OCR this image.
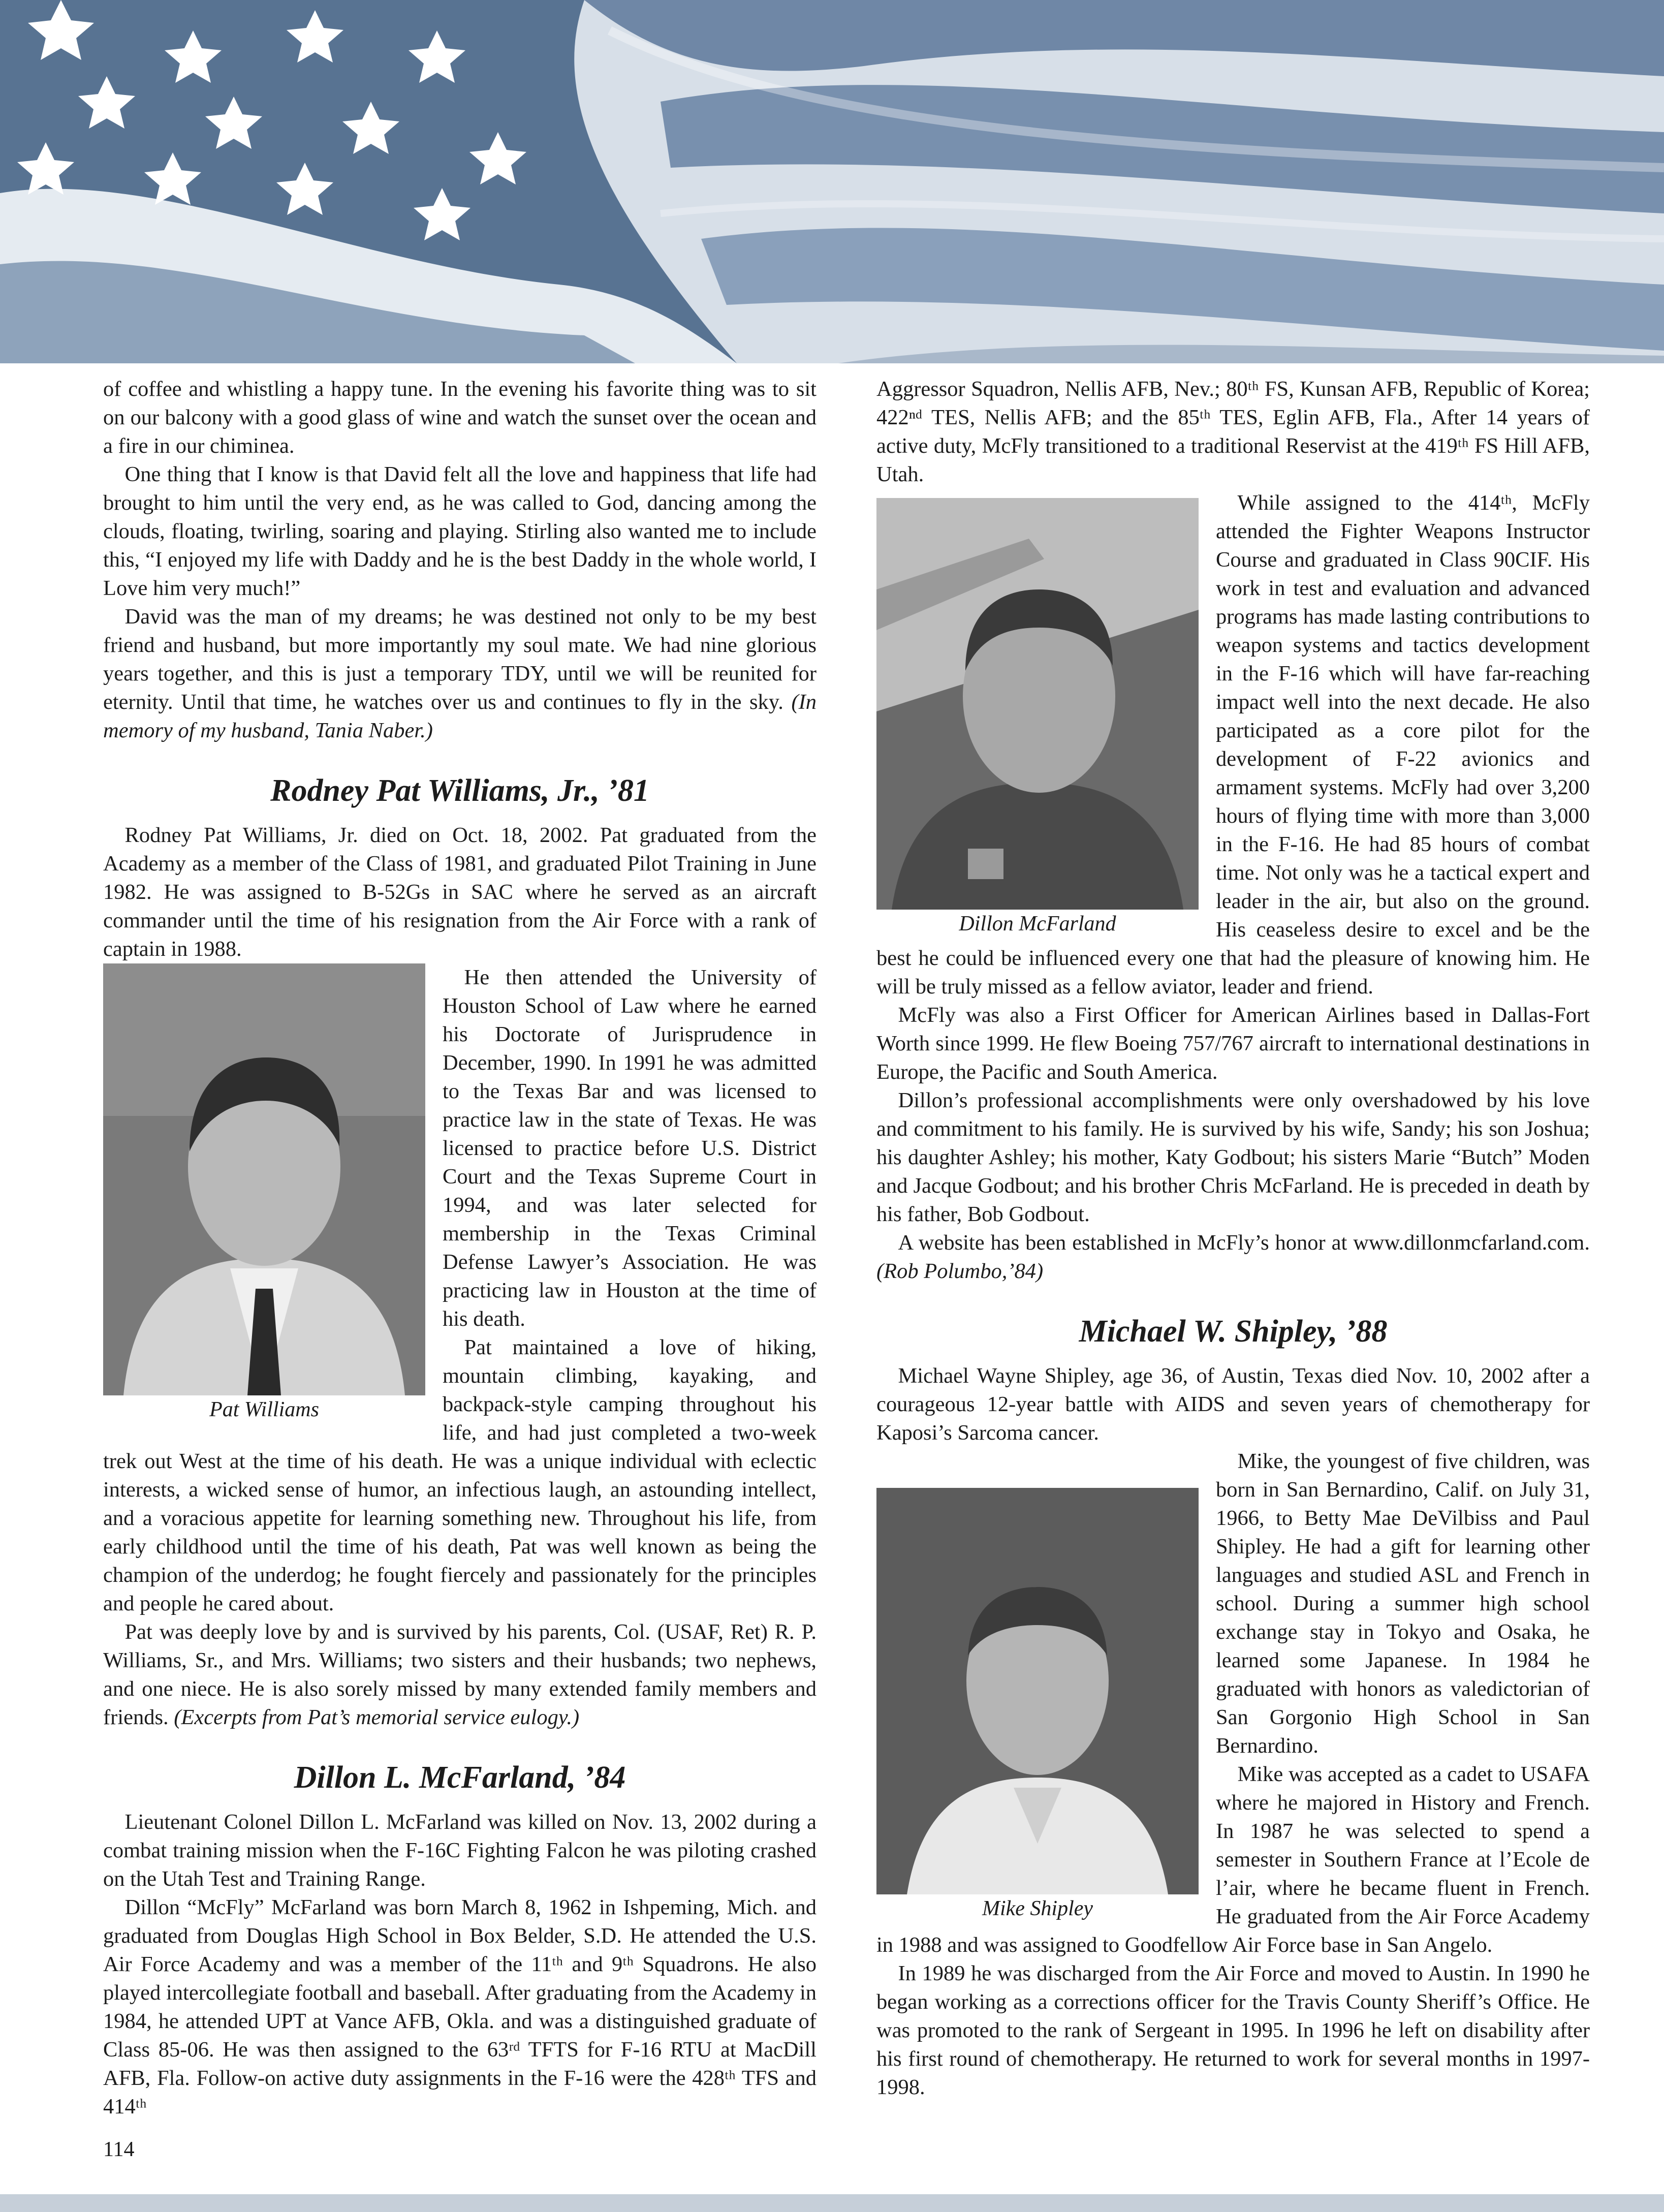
of coffee and whistling a happy tune. In the evening his favorite thing was to sit on our balcony with a good glass of wine and watch the sunset over the ocean and a fire in our chiminea.

One thing that I know is that David felt all the love and happiness that life had brought to him until the very end, as he was called to God, dancing among the clouds, floating, twirling, soaring and playing. Stirling also wanted me to include this, “I enjoyed my life with Daddy and he is the best Daddy in the whole world, I Love him very much!”

David was the man of my dreams; he was destined not only to be my best friend and husband, but more importantly my soul mate. We had nine glorious years together, and this is just a temporary TDY, until we will be reunited for eternity. Until that time, he watches over us and continues to fly in the sky. (In memory of my husband, Tania Naber.)

Rodney Pat Williams, Jr., ’81

Rodney Pat Williams, Jr. died on Oct. 18, 2002. Pat graduated from the Academy as a member of the Class of 1981, and graduated Pilot Training in June 1982. He was assigned to B-52Gs in SAC where he served as an aircraft commander until the time of his resignation from the Air Force with a rank of captain in 1988.

Pat Williams

He then attended the University of Houston School of Law where he earned his Doctorate of Jurisprudence in December, 1990. In 1991 he was admitted to the Texas Bar and was licensed to practice law in the state of Texas. He was licensed to practice before U.S. District Court and the Texas Supreme Court in 1994, and was later selected for membership in the Texas Criminal Defense Lawyer’s Association. He was practicing law in Houston at the time of his death.

Pat maintained a love of hiking, mountain climbing, kayaking, and backpack-style camping throughout his life, and had just completed a two-week trek out West at the time of his death. He was a unique individual with eclectic interests, a wicked sense of humor, an infectious laugh, an astounding intellect, and a voracious appetite for learning something new. Throughout his life, from early childhood until the time of his death, Pat was well known as being the champion of the underdog; he fought fiercely and passionately for the principles and people he cared about.

Pat was deeply love by and is survived by his parents, Col. (USAF, Ret) R. P. Williams, Sr., and Mrs. Williams; two sisters and their husbands; two nephews, and one niece. He is also sorely missed by many extended family members and friends. (Excerpts from Pat’s memorial service eulogy.)

Dillon L. McFarland, ’84

Lieutenant Colonel Dillon L. McFarland was killed on Nov. 13, 2002 during a combat training mission when the F-16C Fighting Falcon he was piloting crashed on the Utah Test and Training Range.

Dillon “McFly” McFarland was born March 8, 1962 in Ishpeming, Mich. and graduated from Douglas High School in Box Belder, S.D. He attended the U.S. Air Force Academy and was a member of the 11ᵗʰ and 9ᵗʰ Squadrons. He also played intercollegiate football and baseball. After graduating from the Academy in 1984, he attended UPT at Vance AFB, Okla. and was a distinguished graduate of Class 85-06. He was then assigned to the 63ʳᵈ TFTS for F-16 RTU at MacDill AFB, Fla. Follow-on active duty assignments in the F-16 were the 428ᵗʰ TFS and 414ᵗʰ

Aggressor Squadron, Nellis AFB, Nev.; 80ᵗʰ FS, Kunsan AFB, Republic of Korea; 422ⁿᵈ TES, Nellis AFB; and the 85ᵗʰ TES, Eglin AFB, Fla., After 14 years of active duty, McFly transitioned to a traditional Reservist at the 419ᵗʰ FS Hill AFB, Utah.

Dillon McFarland

While assigned to the 414ᵗʰ, McFly attended the Fighter Weapons Instructor Course and graduated in Class 90CIF. His work in test and evaluation and advanced programs has made lasting contributions to weapon systems and tactics development in the F-16 which will have far-reaching impact well into the next decade. He also participated as a core pilot for the development of F-22 avionics and armament systems. McFly had over 3,200 hours of flying time with more than 3,000 in the F-16. He had 85 hours of combat time. Not only was he a tactical expert and leader in the air, but also on the ground. His ceaseless desire to excel and be the best he could be influenced every one that had the pleasure of knowing him. He will be truly missed as a fellow aviator, leader and friend.

McFly was also a First Officer for American Airlines based in Dallas-Fort Worth since 1999. He flew Boeing 757/767 aircraft to international destinations in Europe, the Pacific and South America.

Dillon’s professional accomplishments were only overshadowed by his love and commitment to his family. He is survived by his wife, Sandy; his son Joshua; his daughter Ashley; his mother, Katy Godbout; his sisters Marie “Butch” Moden and Jacque Godbout; and his brother Chris McFarland. He is preceded in death by his father, Bob Godbout.

A website has been established in McFly’s honor at www.dillonmcfarland.com. (Rob Polumbo,’84)

Michael W. Shipley, ’88

Michael Wayne Shipley, age 36, of Austin, Texas died Nov. 10, 2002 after a courageous 12-year battle with AIDS and seven years of chemotherapy for Kaposi’s Sarcoma cancer.

Mike Shipley

Mike, the youngest of five children, was born in San Bernardino, Calif. on July 31, 1966, to Betty Mae DeVilbiss and Paul Shipley. He had a gift for learning other languages and studied ASL and French in school. During a summer high school exchange stay in Tokyo and Osaka, he learned some Japanese. In 1984 he graduated with honors as valedictorian of San Gorgonio High School in San Bernardino.

Mike was accepted as a cadet to USAFA where he majored in History and French. In 1987 he was selected to spend a semester in Southern France at l’Ecole de l’air, where he became fluent in French. He graduated from the Air Force Academy in 1988 and was assigned to Goodfellow Air Force base in San Angelo.

In 1989 he was discharged from the Air Force and moved to Austin. In 1990 he began working as a corrections officer for the Travis County Sheriff’s Office. He was promoted to the rank of Sergeant in 1995. In 1996 he left on disability after his first round of chemotherapy. He returned to work for several months in 1997-1998.

114
